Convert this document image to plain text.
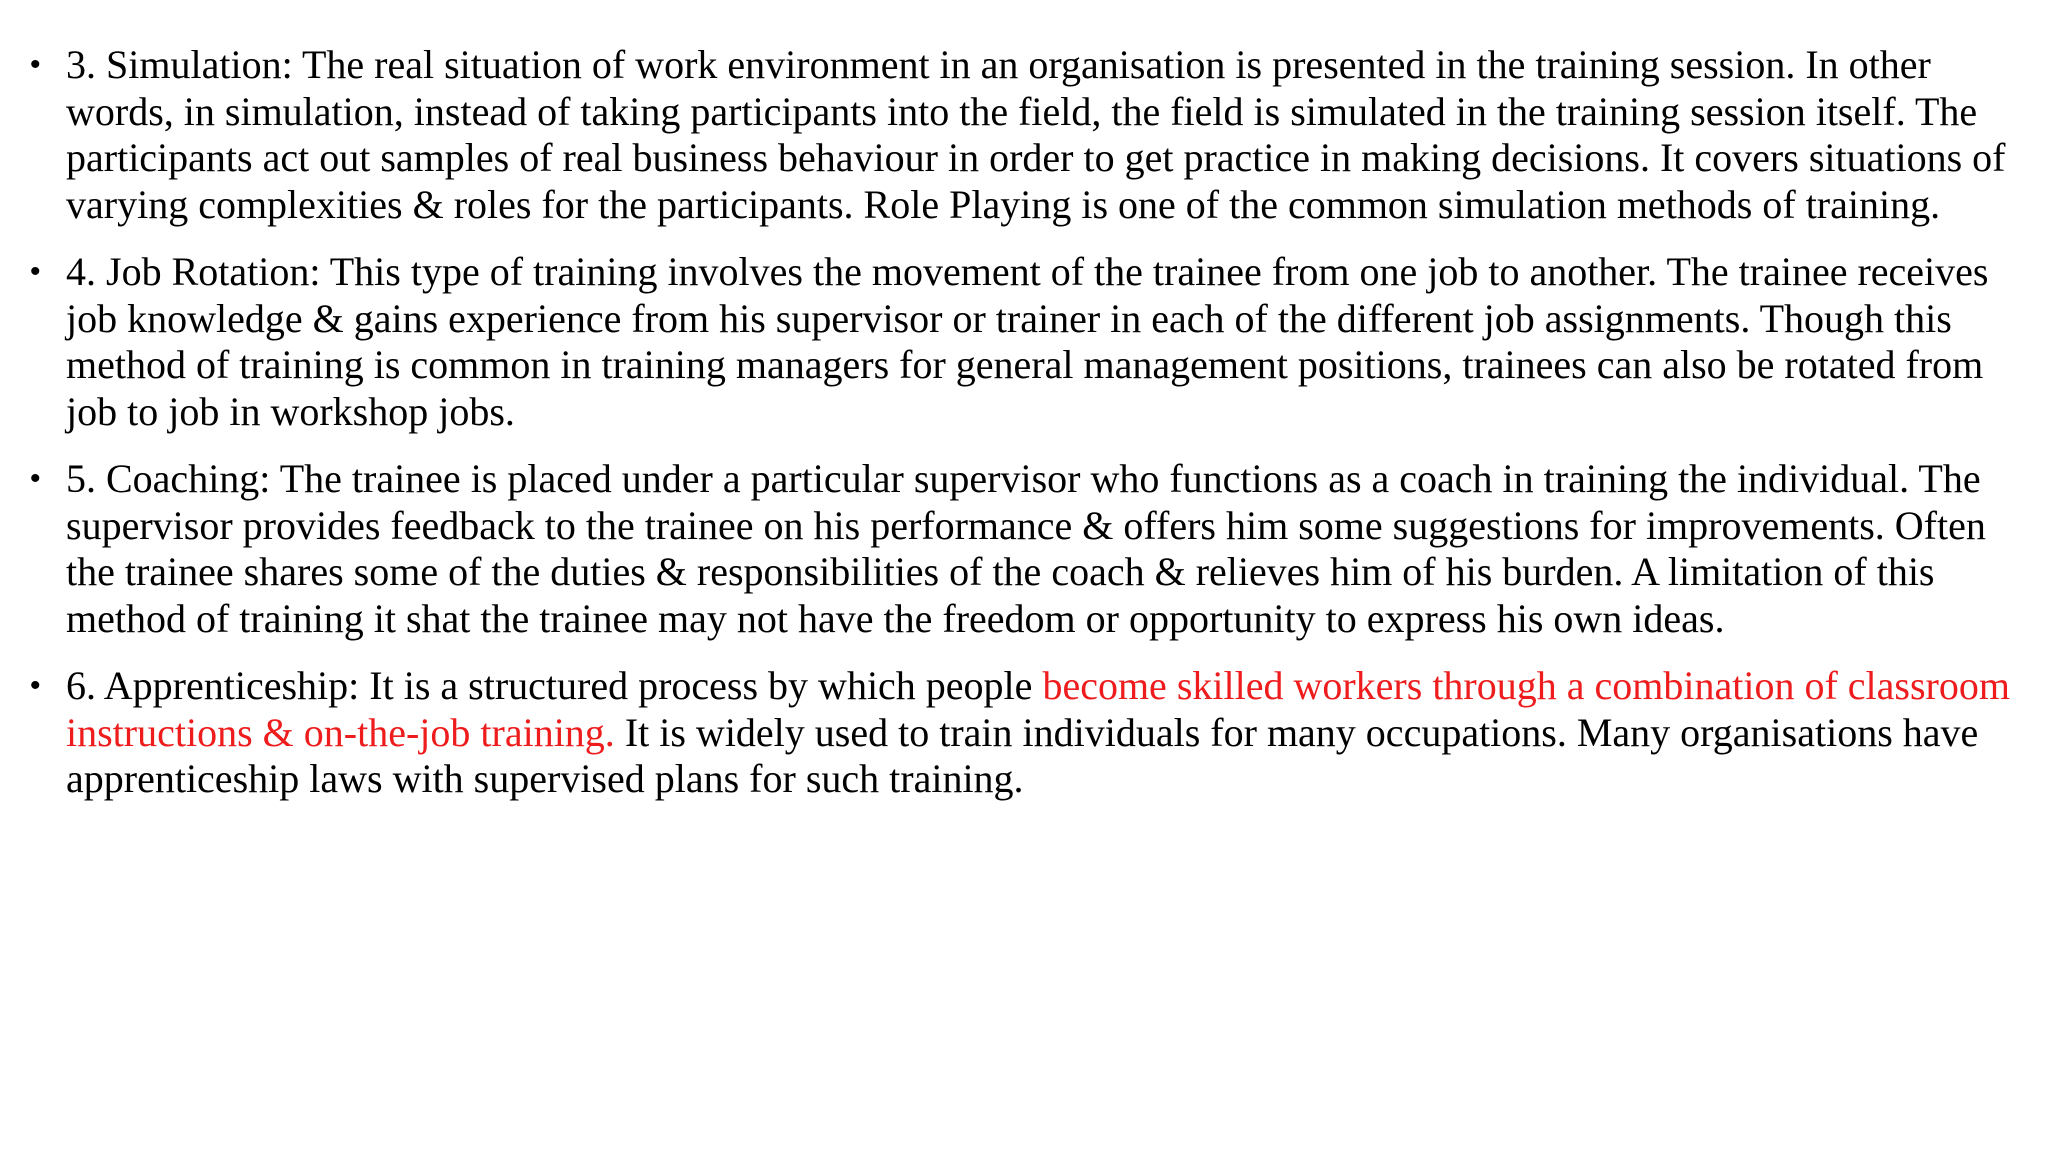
• 3. Simulation: The real situation of work environment in an organisation is presented in the training session. In other words, in simulation, instead of taking participants into the field, the field is simulated in the training session itself. The participants act out samples of real business behaviour in order to get practice in making decisions. It covers situations of varying complexities & roles for the participants. Role Playing is one of the common simulation methods of training.
• 4. Job Rotation: This type of training involves the movement of the trainee from one job to another. The trainee receives job knowledge & gains experience from his supervisor or trainer in each of the different job assignments. Though this method of training is common in training managers for general management positions, trainees can also be rotated from job to job in workshop jobs.
• 5. Coaching: The trainee is placed under a particular supervisor who functions as a coach in training the individual. The supervisor provides feedback to the trainee on his performance & offers him some suggestions for improvements. Often the trainee shares some of the duties & responsibilities of the coach & relieves him of his burden. A limitation of this method of training it shat the trainee may not have the freedom or opportunity to express his own ideas.
• 6. Apprenticeship: It is a structured process by which people become skilled workers through a combination of classroom instructions & on-the-job training. It is widely used to train individuals for many occupations. Many organisations have apprenticeship laws with supervised plans for such training.
